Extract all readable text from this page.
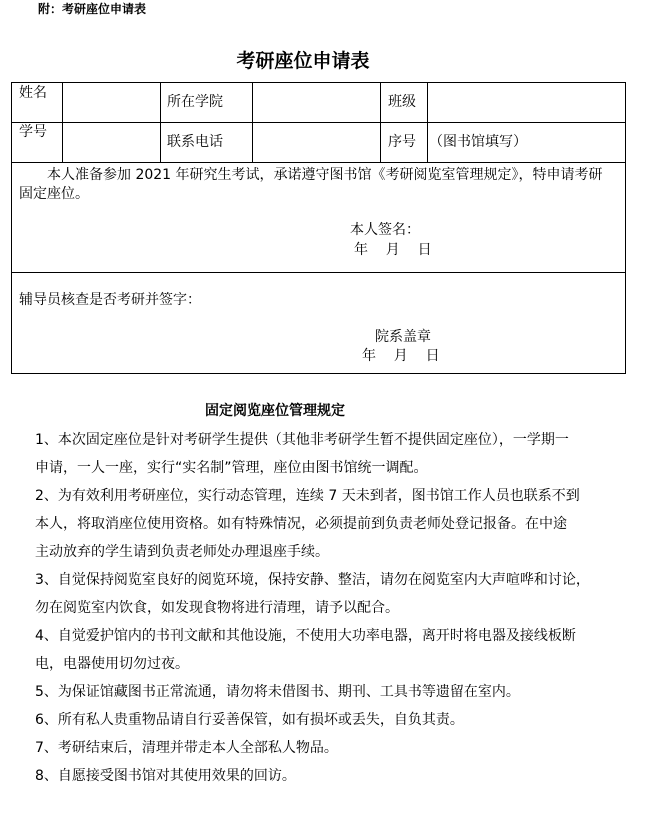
附：考研座位申请表
考研座位申请表
姓名
所在学院	班级
学号
联系电话	序号 （图书馆填写）
本人准备参加 2021 年研究生考试，承诺遵守图书馆《考研阅览室管理规定》，特申请考研
固定座位。
本人签名：
年    月    日
辅导员核查是否考研并签字：
院系盖章
年    月    日
固定阅览座位管理规定
1、本次固定座位是针对考研学生提供（其他非考研学生暂不提供固定座位），一学期一
申请，一人一座，实行“实名制”管理，座位由图书馆统一调配。
2、为有效利用考研座位，实行动态管理，连续 7 天未到者，图书馆工作人员也联系不到
本人，将取消座位使用资格。如有特殊情况，必须提前到负责老师处登记报备。在中途
主动放弃的学生请到负责老师处办理退座手续。
3、自觉保持阅览室良好的阅览环境，保持安静、整洁，请勿在阅览室内大声喧哗和讨论，
勿在阅览室内饮食，如发现食物将进行清理，请予以配合。
4、自觉爱护馆内的书刊文献和其他设施，不使用大功率电器，离开时将电器及接线板断
电，电器使用切勿过夜。
5、为保证馆藏图书正常流通，请勿将未借图书、期刊、工具书等遗留在室内。
6、所有私人贵重物品请自行妥善保管，如有损坏或丢失，自负其责。
7、考研结束后，清理并带走本人全部私人物品。
8、自愿接受图书馆对其使用效果的回访。
